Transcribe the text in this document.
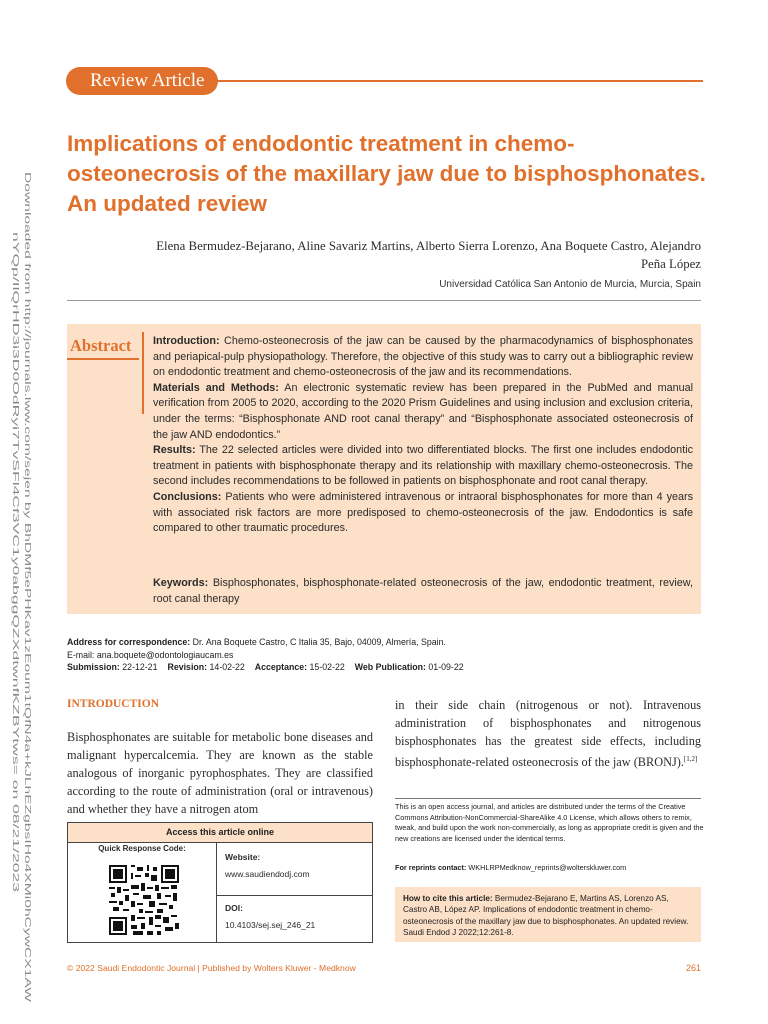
Review Article
Downloaded from http://journals.lww.com/sejen by BhDMf5ePHKav1zEoum1tQfN4a+kJLhEZgbsIHo4XMi0hCywCX1AW
nYQp/IlQrHD3i3D0OdRyi7TvSFl4Cf3VC1y0abggQZXdtwnfKZBYtws= on 08/21/2023
Implications of endodontic treatment in chemo-osteonecrosis of the maxillary jaw due to bisphosphonates. An updated review
Elena Bermudez-Bejarano, Aline Savariz Martins, Alberto Sierra Lorenzo, Ana Boquete Castro, Alejandro Peña López
Universidad Católica San Antonio de Murcia, Murcia, Spain
Abstract Introduction: Chemo-osteonecrosis of the jaw can be caused by the pharmacodynamics of bisphosphonates and periapical-pulp physiopathology. Therefore, the objective of this study was to carry out a bibliographic review on endodontic treatment and chemo-osteonecrosis of the jaw and its recommendations.

Materials and Methods: An electronic systematic review has been prepared in the PubMed and manual verification from 2005 to 2020, according to the 2020 Prism Guidelines and using inclusion and exclusion criteria, under the terms: “Bisphosphonate AND root canal therapy” and “Bisphosphonate associated osteonecrosis of the jaw AND endodontics.”

Results: The 22 selected articles were divided into two differentiated blocks. The first one includes endodontic treatment in patients with bisphosphonate therapy and its relationship with maxillary chemo-osteonecrosis. The second includes recommendations to be followed in patients on bisphosphonate and root canal therapy.

Conclusions: Patients who were administered intravenous or intraoral bisphosphonates for more than 4 years with associated risk factors are more predisposed to chemo-osteonecrosis of the jaw. Endodontics is safe compared to other traumatic procedures.

Keywords: Bisphosphonates, bisphosphonate-related osteonecrosis of the jaw, endodontic treatment, review, root canal therapy
Address for correspondence: Dr. Ana Boquete Castro, C Italia 35, Bajo, 04009, Almería, Spain.
E-mail: ana.boquete@odontologiaucam.es
Submission: 22-12-21 Revision: 14-02-22 Acceptance: 15-02-22 Web Publication: 01-09-22
INTRODUCTION
Bisphosphonates are suitable for metabolic bone diseases and malignant hypercalcemia. They are known as the stable analogous of inorganic pyrophosphates. They are classified according to the route of administration (oral or intravenous) and whether they have a nitrogen atom
in their side chain (nitrogenous or not). Intravenous administration of bisphosphonates and nitrogenous bisphosphonates has the greatest side effects, including bisphosphonate-related osteonecrosis of the jaw (BRONJ).[1,2]
Access this article online
Quick Response Code:
Website:
www.saudiendodj.com
DOI:
10.4103/sej.sej_246_21
This is an open access journal, and articles are distributed under the terms of the Creative Commons Attribution-NonCommercial-ShareAlike 4.0 License, which allows others to remix, tweak, and build upon the work non-commercially, as long as appropriate credit is given and the new creations are licensed under the identical terms.
For reprints contact: WKHLRPMedknow_reprints@wolterskluwer.com
How to cite this article: Bermudez-Bejarano E, Martins AS, Lorenzo AS, Castro AB, López AP. Implications of endodontic treatment in chemo-osteonecrosis of the maxillary jaw due to bisphosphonates. An updated review. Saudi Endod J 2022;12:261-8.
© 2022 Saudi Endodontic Journal | Published by Wolters Kluwer - Medknow	261
